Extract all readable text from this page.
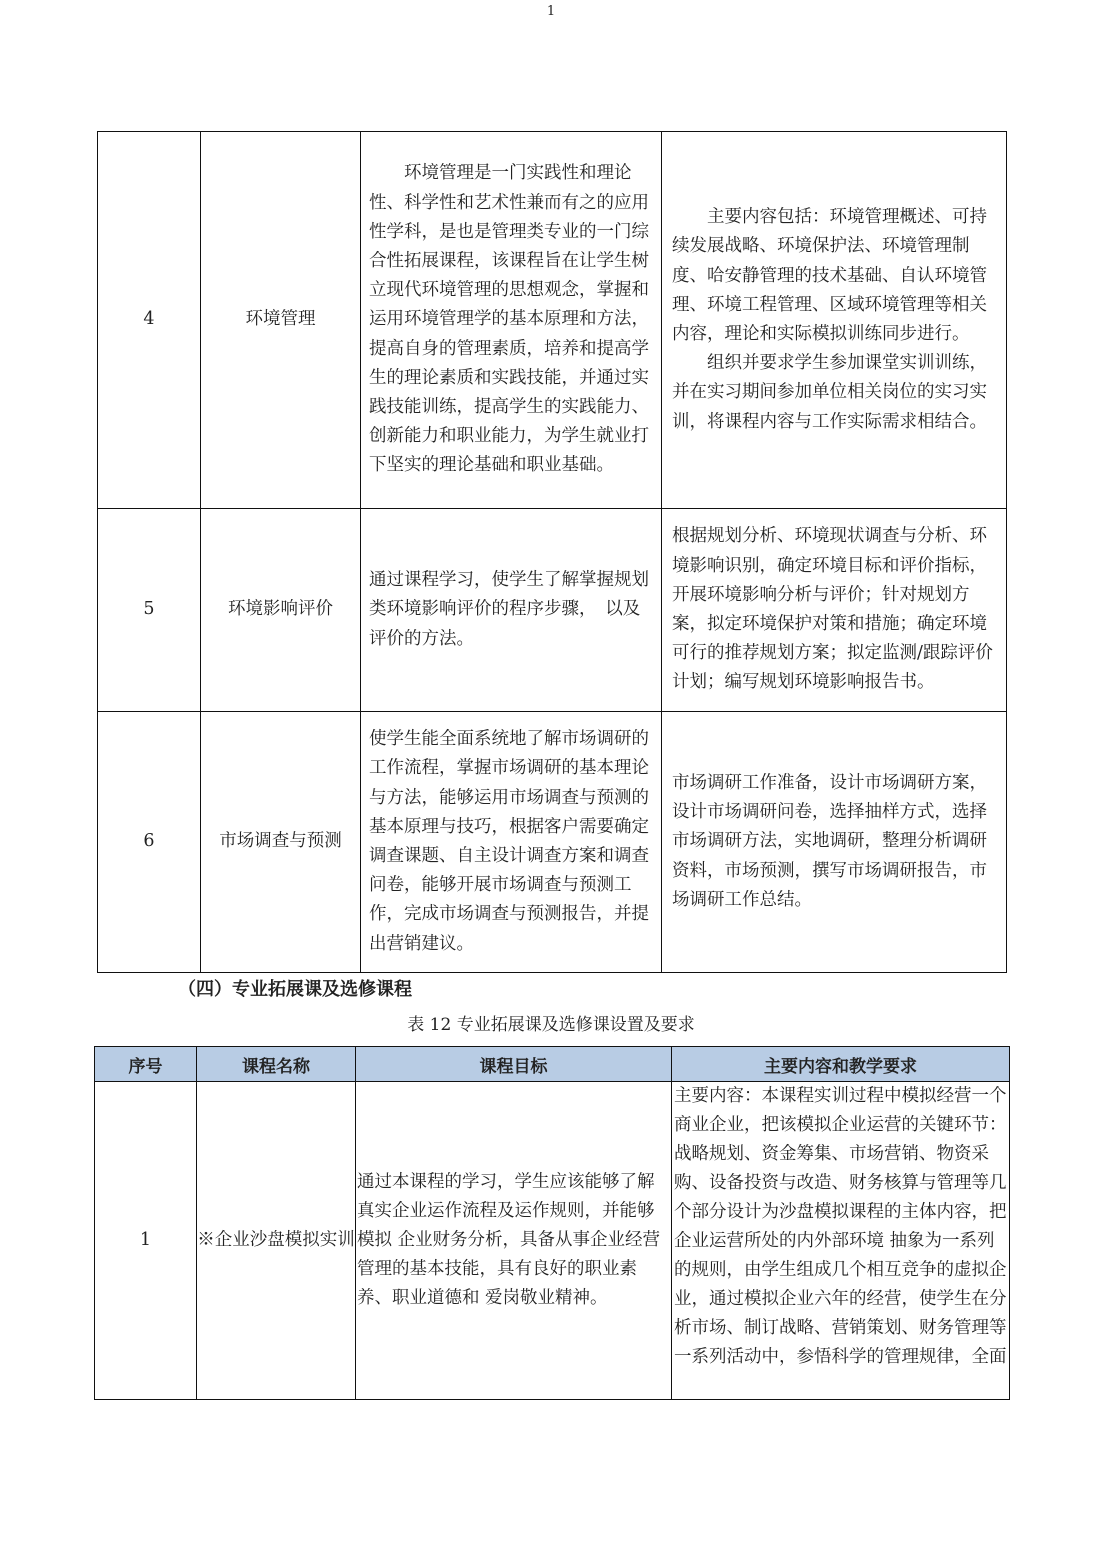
1
4	环境管理	环境管理是一门实践性和理论性、科学性和艺术性兼而有之的应用性学科，是也是管理类专业的一门综合性拓展课程，该课程旨在让学生树立现代环境管理的思想观念，掌握和运用环境管理学的基本原理和方法，提高自身的管理素质，培养和提高学生的理论素质和实践技能，并通过实践技能训练，提高学生的实践能力、创新能力和职业能力，为学生就业打下坚实的理论基础和职业基础。	主要内容包括：环境管理概述、可持续发展战略、环境保护法、环境管理制度、哈安静管理的技术基础、自认环境管理、环境工程管理、区域环境管理等相关内容，理论和实际模拟训练同步进行。

组织并要求学生参加课堂实训训练，并在实习期间参加单位相关岗位的实习实训，将课程内容与工作实际需求相结合。

5	环境影响评价	通过课程学习，使学生了解掌握规划类环境影响评价的程序步骤，　以及评价的方法。	根据规划分析、环境现状调查与分析、环境影响识别，确定环境目标和评价指标，开展环境影响分析与评价；针对规划方案，拟定环境保护对策和措施；确定环境可行的推荐规划方案；拟定监测/跟踪评价计划；编写规划环境影响报告书。

6	市场调查与预测	使学生能全面系统地了解市场调研的工作流程，掌握市场调研的基本理论与方法，能够运用市场调查与预测的基本原理与技巧，根据客户需要确定调查课题、自主设计调查方案和调查问卷，能够开展市场调查与预测工作，完成市场调查与预测报告，并提出营销建议。	市场调研工作准备，设计市场调研方案，设计市场调研问卷，选择抽样方式，选择市场调研方法，实地调研，整理分析调研资料，市场预测，撰写市场调研报告，市场调研工作总结。

（四）专业拓展课及选修课程
表 12 专业拓展课及选修课设置及要求
序号	课程名称	课程目标	主要内容和教学要求
1	※企业沙盘模拟实训	通过本课程的学习，学生应该能够了解真实企业运作流程及运作规则，并能够模拟 企业财务分析，具备从事企业经营管理的基本技能，具有良好的职业素养、职业道德和 爱岗敬业精神。	主要内容：本课程实训过程中模拟经营一个商业企业，把该模拟企业运营的关键环节：战略规划、资金筹集、市场营销、物资采购、设备投资与改造、财务核算与管理等几个部分设计为沙盘模拟课程的主体内容，把企业运营所处的内外部环境 抽象为一系列的规则，由学生组成几个相互竞争的虚拟企业，通过模拟企业六年的经营，使学生在分析市场、制订战略、营销策划、财务管理等一系列活动中，参悟科学的管理规律，全面
